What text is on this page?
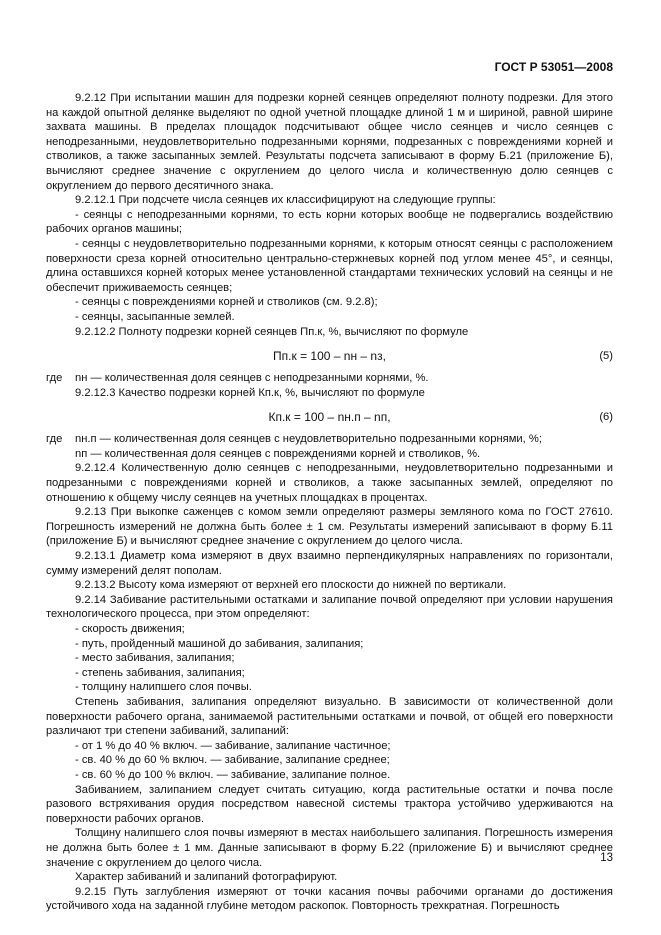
ГОСТ Р 53051—2008

9.2.12 При испытании машин для подрезки корней сеянцев определяют полноту подрезки. Для этого на каждой опытной делянке выделяют по одной учетной площадке длиной 1 м и шириной, равной ширине захвата машины. В пределах площадок подсчитывают общее число сеянцев и число сеянцев с неподрезанными, неудовлетворительно подрезанными корнями, подрезанных с повреждениями корней и стволиков, а также засыпанных землей. Результаты подсчета записывают в форму Б.21 (приложение Б), вычисляют среднее значение с округлением до целого числа и количественную долю сеянцев с округлением до первого десятичного знака.

9.2.12.1 При подсчете числа сеянцев их классифицируют на следующие группы:

- сеянцы с неподрезанными корнями, то есть корни которых вообще не подвергались воздействию рабочих органов машины;

- сеянцы с неудовлетворительно подрезанными корнями, к которым относят сеянцы с расположением поверхности среза корней относительно центрально-стержневых корней под углом менее 45°, и сеянцы, длина оставшихся корней которых менее установленной стандартами технических условий на сеянцы и не обеспечит приживаемость сеянцев;

- сеянцы с повреждениями корней и стволиков (см. 9.2.8);

- сеянцы, засыпанные землей.

9.2.12.2 Полноту подрезки корней сеянцев Пп.к, %, вычисляют по формуле

Пп.к = 100 – nн – nз,	(5)
где	nн — количественная доля сеянцев с неподрезанными корнями, %.

9.2.12.3 Качество подрезки корней Кп.к, %, вычисляют по формуле

Кп.к = 100 – nн.п – nп,	(6)
где	nн.п — количественная доля сеянцев с неудовлетворительно подрезанными корнями, %;
nп — количественная доля сеянцев с повреждениями корней и стволиков, %.

9.2.12.4 Количественную долю сеянцев с неподрезанными, неудовлетворительно подрезанными и подрезанными с повреждениями корней и стволиков, а также засыпанных землей, определяют по отношению к общему числу сеянцев на учетных площадках в процентах.

9.2.13 При выкопке саженцев с комом земли определяют размеры земляного кома по ГОСТ 27610. Погрешность измерений не должна быть более ± 1 см. Результаты измерений записывают в форму Б.11 (приложение Б) и вычисляют среднее значение с округлением до целого числа.

9.2.13.1 Диаметр кома измеряют в двух взаимно перпендикулярных направлениях по горизонтали, сумму измерений делят пополам.

9.2.13.2 Высоту кома измеряют от верхней его плоскости до нижней по вертикали.

9.2.14 Забивание растительными остатками и залипание почвой определяют при условии нарушения технологического процесса, при этом определяют:

- скорость движения;

- путь, пройденный машиной до забивания, залипания;

- место забивания, залипания;

- степень забивания, залипания;

- толщину налипшего слоя почвы.

Степень забивания, залипания определяют визуально. В зависимости от количественной доли поверхности рабочего органа, занимаемой растительными остатками и почвой, от общей его поверхности различают три степени забиваний, залипаний:

- от 1 % до 40 % включ. — забивание, залипание частичное;

- св. 40 % до 60 % включ. — забивание, залипание среднее;

- св. 60 % до 100 % включ. — забивание, залипание полное.

Забиванием, залипанием следует считать ситуацию, когда растительные остатки и почва после разового встряхивания орудия посредством навесной системы трактора устойчиво удерживаются на поверхности рабочих органов.

Толщину налипшего слоя почвы измеряют в местах наибольшего залипания. Погрешность измерения не должна быть более ± 1 мм. Данные записывают в форму Б.22 (приложение Б) и вычисляют среднее значение с округлением до целого числа.

Характер забиваний и залипаний фотографируют.

9.2.15 Путь заглубления измеряют от точки касания почвы рабочими органами до достижения устойчивого хода на заданной глубине методом раскопок. Повторность трехкратная. Погрешность

13
